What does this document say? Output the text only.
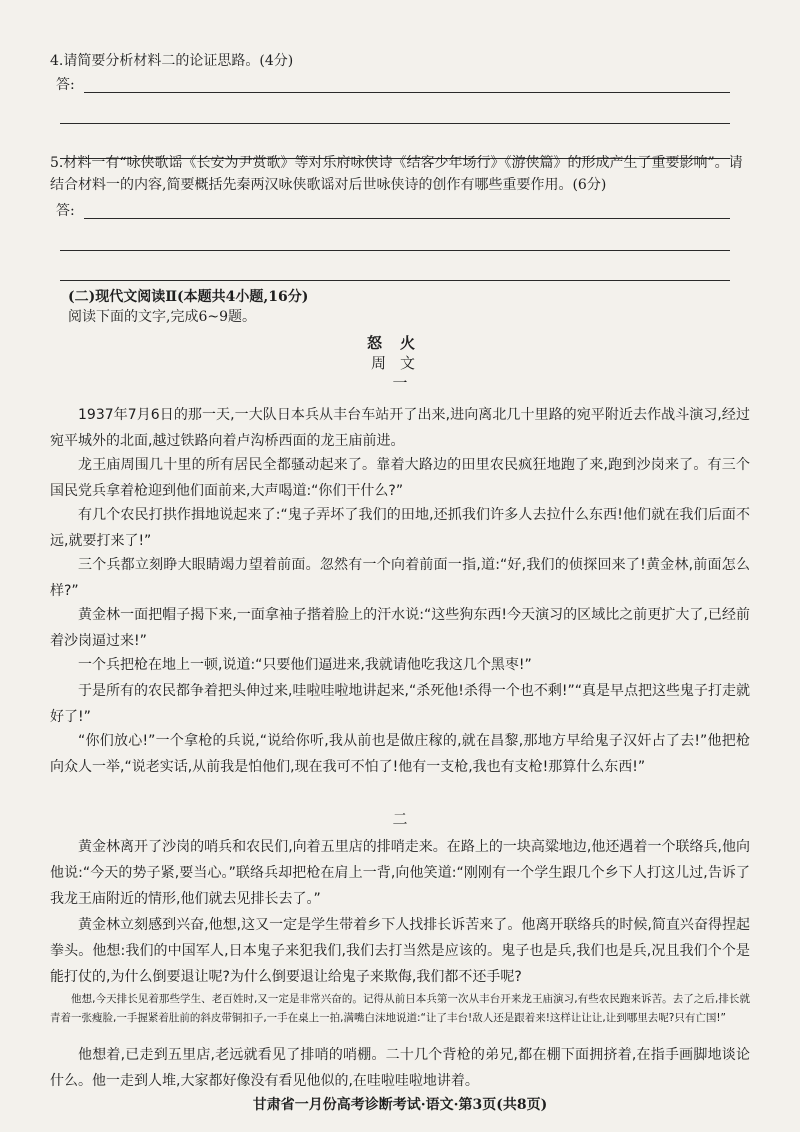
4.请简要分析材料二的论证思路。(4分)
答:
5.材料一有“咏侠歌谣《长安为尹赏歌》等对乐府咏侠诗《结客少年场行》《游侠篇》的形成产生了重要影响”。请结合材料一的内容,简要概括先秦两汉咏侠歌谣对后世咏侠诗的创作有哪些重要作用。(6分)
答:
(二)现代文阅读Ⅱ(本题共4小题,16分)
阅读下面的文字,完成6~9题。
怒火
周文
一
1937年7月6日的那一天,一大队日本兵从丰台车站开了出来,进向离北几十里路的宛平附近去作战斗演习,经过宛平城外的北面,越过铁路向着卢沟桥西面的龙王庙前进。
龙王庙周围几十里的所有居民全都骚动起来了。靠着大路边的田里农民疯狂地跑了来,跑到沙岗来了。有三个国民党兵拿着枪迎到他们面前来,大声喝道:“你们干什么?”
有几个农民打拱作揖地说起来了:“鬼子弄坏了我们的田地,还抓我们许多人去拉什么东西!他们就在我们后面不远,就要打来了!”
三个兵都立刻睁大眼睛竭力望着前面。忽然有一个向着前面一指,道:“好,我们的侦探回来了!黄金林,前面怎么样?”
黄金林一面把帽子揭下来,一面拿袖子揩着脸上的汗水说:“这些狗东西!今天演习的区域比之前更扩大了,已经前着沙岗逼过来!”
一个兵把枪在地上一顿,说道:“只要他们逼进来,我就请他吃我这几个黑枣!”
于是所有的农民都争着把头伸过来,哇啦哇啦地讲起来,“杀死他!杀得一个也不剩!”“真是早点把这些鬼子打走就好了!”
“你们放心!”一个拿枪的兵说,“说给你听,我从前也是做庄稼的,就在昌黎,那地方早给鬼子汉奸占了去!”他把枪向众人一举,“说老实话,从前我是怕他们,现在我可不怕了!他有一支枪,我也有支枪!那算什么东西!”
二
黄金林离开了沙岗的哨兵和农民们,向着五里店的排哨走来。在路上的一块高粱地边,他还遇着一个联络兵,他向他说:“今天的势子紧,要当心。”联络兵却把枪在肩上一背,向他笑道:“刚刚有一个学生跟几个乡下人打这儿过,告诉了我龙王庙附近的情形,他们就去见排长去了。”
黄金林立刻感到兴奋,他想,这又一定是学生带着乡下人找排长诉苦来了。他离开联络兵的时候,简直兴奋得捏起拳头。他想:我们的中国军人,日本鬼子来犯我们,我们去打当然是应该的。鬼子也是兵,我们也是兵,况且我们个个是能打仗的,为什么倒要退让呢?为什么倒要退让给鬼子来欺侮,我们都不还手呢?
他想,今天排长见着那些学生、老百姓时,又一定是非常兴奋的。记得从前日本兵第一次从丰台开来龙王庙演习,有些农民跑来诉苦。去了之后,排长就青着一张瘦脸,一手握紧着肚前的斜皮带铜扣子,一手在桌上一拍,满嘴白沫地说道:“让了丰台!敌人还是跟着来!这样让让让,让到哪里去呢?只有亡国!”
他想着,已走到五里店,老远就看见了排哨的哨棚。二十几个背枪的弟兄,都在棚下面拥挤着,在指手画脚地谈论什么。他一走到人堆,大家都好像没有看见他似的,在哇啦哇啦地讲着。
甘肃省一月份高考诊断考试·语文·第3页(共8页)
